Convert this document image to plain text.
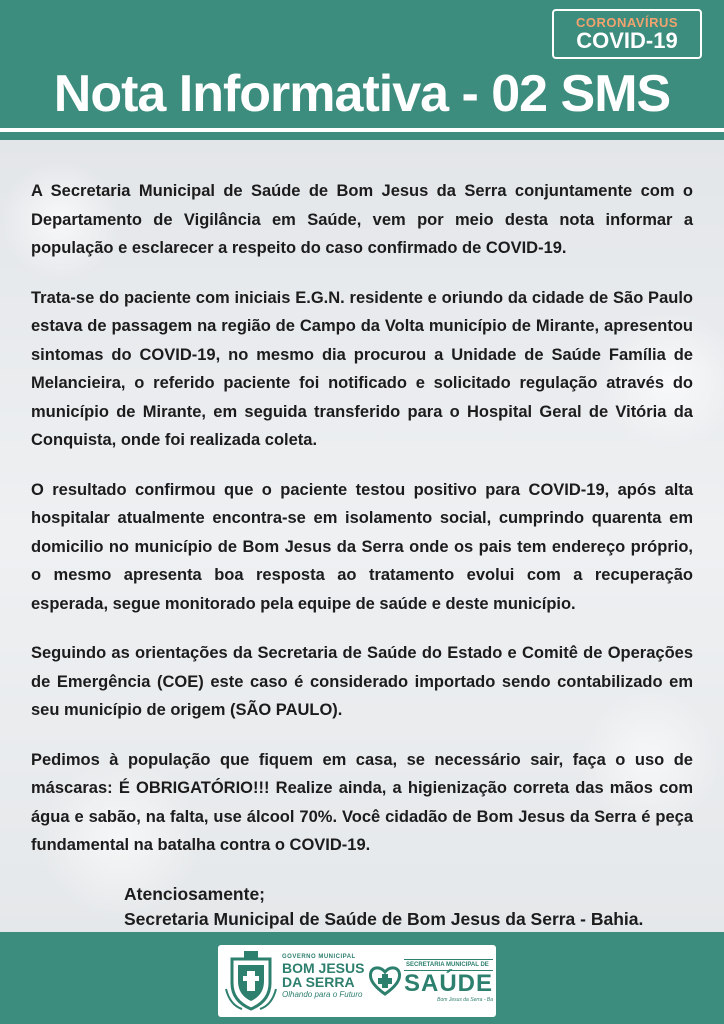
CORONAVÍRUS
COVID-19
Nota Informativa - 02 SMS

A Secretaria Municipal de Saúde de Bom Jesus da Serra conjuntamente com o Departamento de Vigilância em Saúde, vem por meio desta nota informar a população e esclarecer a respeito do caso confirmado de COVID-19.

Trata-se do paciente com iniciais E.G.N. residente e oriundo da cidade de São Paulo estava de passagem na região de Campo da Volta município de Mirante, apresentou sintomas do COVID-19, no mesmo dia procurou a Unidade de Saúde Família de Melancieira, o referido paciente foi notificado e solicitado regulação através do município de Mirante, em seguida transferido para o Hospital Geral de Vitória da Conquista, onde foi realizada coleta.

O resultado confirmou que o paciente testou positivo para COVID-19, após alta hospitalar atualmente encontra-se em isolamento social, cumprindo quarenta em domicilio no município de Bom Jesus da Serra onde os pais tem endereço próprio, o mesmo apresenta boa resposta ao tratamento evolui com a recuperação esperada, segue monitorado pela equipe de saúde e deste município.

Seguindo as orientações da Secretaria de Saúde do Estado e Comitê de Operações de Emergência (COE) este caso é considerado importado sendo contabilizado em seu município de origem (SÃO PAULO).

Pedimos à população que fiquem em casa, se necessário sair, faça o uso de máscaras: É OBRIGATÓRIO!!! Realize ainda, a higienização correta das mãos com água e sabão, na falta, use álcool 70%. Você cidadão de Bom Jesus da Serra é peça fundamental na batalha contra o COVID-19.

Atenciosamente;
Secretaria Municipal de Saúde de Bom Jesus da Serra - Bahia.
GOVERNO MUNICIPAL
BOM JESUS
DA SERRA
Olhando para o Futuro
SECRETARIA MUNICIPAL DE
SAÚDE
Bom Jesus da Serra - Ba
